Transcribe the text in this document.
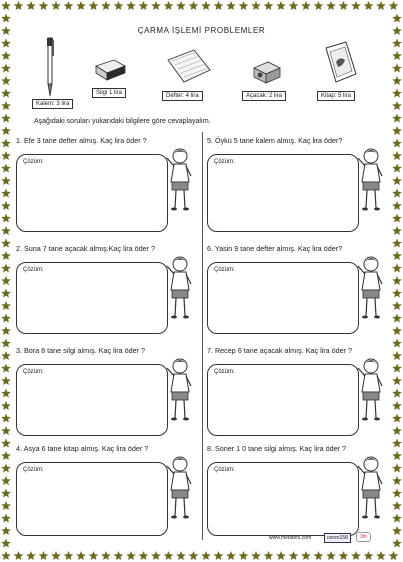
ÇARMA İŞLEMİ PROBLEMLER
Kalem: 3 lira
Silgi 1 lira	Defter: 4 lira	Açacak: 2 lira	Kitap: 5 lira
Aşağıdaki soruları yukarıdaki bilgilere göre cevaplayalım.
1. Efe 3 tane defter almış. Kaç lira öder ?
Çözüm:
2. Suna 7 tane açacak almış.Kaç lira öder ?
Çözüm:
3. Bora 8 tane silgi almış. Kaç lira öder ?
Çözüm:
4. Asya 6 tane kitap almış. Kaç lira öder ?
Çözüm:
5. Öykü 5 tane kalem almış. Kaç lira öder?
Çözüm:
6. Yasin 9 tane defter almış. Kaç lira öder?
Çözüm:
7. Recep 6 tane açacak almış. Kaç lira öder ?
Çözüm:
8. Soner 1 0 tane silgi almış. Kaç lira öder ?
Çözüm:
www.mebders.com	ceren158	3m
